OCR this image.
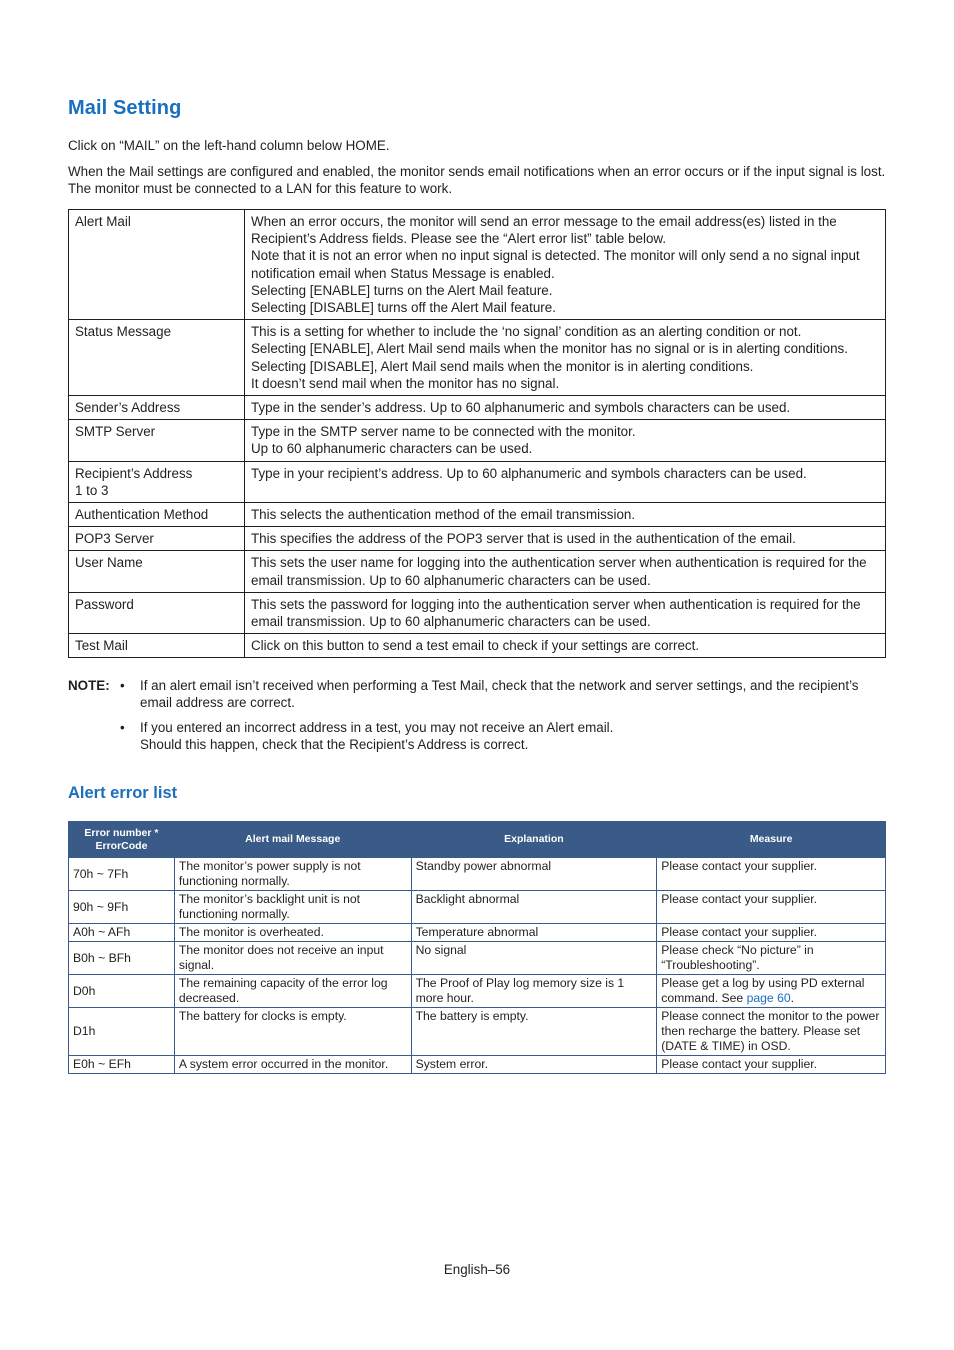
Mail Setting

Click on “MAIL” on the left-hand column below HOME.

When the Mail settings are configured and enabled, the monitor sends email notifications when an error occurs or if the input signal is lost. The monitor must be connected to a LAN for this feature to work.

Alert Mail	When an error occurs, the monitor will send an error message to the email address(es) listed in the Recipient’s Address fields. Please see the “Alert error list” table below.
Note that it is not an error when no input signal is detected. The monitor will only send a no signal input notification email when Status Message is enabled.
Selecting [ENABLE] turns on the Alert Mail feature.
Selecting [DISABLE] turns off the Alert Mail feature.

Status Message	This is a setting for whether to include the ‘no signal’ condition as an alerting condition or not.
Selecting [ENABLE], Alert Mail send mails when the monitor has no signal or is in alerting conditions.
Selecting [DISABLE], Alert Mail send mails when the monitor is in alerting conditions.
It doesn’t send mail when the monitor has no signal.

Sender’s Address	Type in the sender’s address. Up to 60 alphanumeric and symbols characters can be used.

SMTP Server	Type in the SMTP server name to be connected with the monitor.
Up to 60 alphanumeric characters can be used.

Recipient’s Address
1 to 3	Type in your recipient’s address. Up to 60 alphanumeric and symbols characters can be used.

Authentication Method	This selects the authentication method of the email transmission.

POP3 Server	This specifies the address of the POP3 server that is used in the authentication of the email.

User Name	This sets the user name for logging into the authentication server when authentication is required for the email transmission. Up to 60 alphanumeric characters can be used.

Password	This sets the password for logging into the authentication server when authentication is required for the email transmission. Up to 60 alphanumeric characters can be used.

Test Mail	Click on this button to send a test email to check if your settings are correct.
NOTE: • If an alert email isn’t received when performing a Test Mail, check that the network and server settings, and the recipient’s email address are correct.
• If you entered an incorrect address in a test, you may not receive an Alert email.
Should this happen, check that the Recipient’s Address is correct.
Alert error list
Error number *
ErrorCode	Alert mail Message	Explanation	Measure
70h ~ 7Fh	The monitor’s power supply is not functioning normally.	Standby power abnormal	Please contact your supplier.
90h ~ 9Fh	The monitor’s backlight unit is not functioning normally.	Backlight abnormal	Please contact your supplier.
A0h ~ AFh	The monitor is overheated.	Temperature abnormal	Please contact your supplier.
B0h ~ BFh	The monitor does not receive an input signal.	No signal	Please check “No picture” in “Troubleshooting”.
D0h	The remaining capacity of the error log decreased.	The Proof of Play log memory size is 1 more hour.	Please get a log by using PD external command. See page 60.
D1h	The battery for clocks is empty.	The battery is empty.	Please connect the monitor to the power then recharge the battery. Please set (DATE & TIME) in OSD.
E0h ~ EFh	A system error occurred in the monitor.	System error.	Please contact your supplier.
English–56
